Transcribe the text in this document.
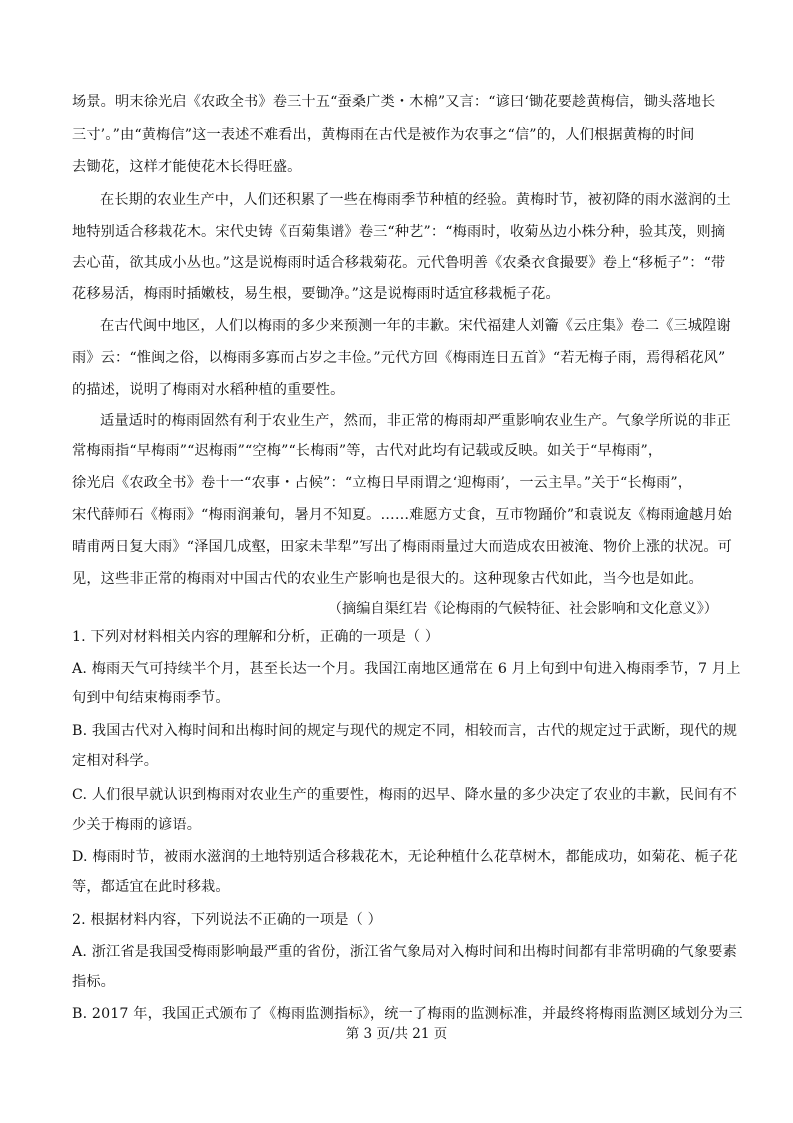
场景。明末徐光启《农政全书》卷三十五“蚕桑广类・木棉”又言：“谚曰‘锄花要趁黄梅信，锄头落地长
三寸’。”由“黄梅信”这一表述不难看出，黄梅雨在古代是被作为农事之“信”的，人们根据黄梅的时间
去锄花，这样才能使花木长得旺盛。
在长期的农业生产中，人们还积累了一些在梅雨季节种植的经验。黄梅时节，被初降的雨水滋润的土
地特别适合移栽花木。宋代史铸《百菊集谱》卷三“种艺”：“梅雨时，收菊丛边小株分种，验其茂，则摘
去心苗，欲其成小丛也。”这是说梅雨时适合移栽菊花。元代鲁明善《农桑衣食撮要》卷上“移栀子”：“带
花移易活，梅雨时插嫩枝，易生根，要锄净。”这是说梅雨时适宜移栽栀子花。
在古代闽中地区，人们以梅雨的多少来预测一年的丰歉。宋代福建人刘籥《云庄集》卷二《三城隍谢
雨》云：“惟闽之俗，以梅雨多寡而占岁之丰俭。”元代方回《梅雨连日五首》“若无梅子雨，焉得稻花风”
的描述，说明了梅雨对水稻种植的重要性。
适量适时的梅雨固然有利于农业生产，然而，非正常的梅雨却严重影响农业生产。气象学所说的非正
常梅雨指“早梅雨”“迟梅雨”“空梅”“长梅雨”等，古代对此均有记载或反映。如关于“早梅雨”，
徐光启《农政全书》卷十一“农事・占候”：“立梅日早雨谓之‘迎梅雨’，一云主旱。”关于“长梅雨”，
宋代薛师石《梅雨》“梅雨润兼旬，暑月不知夏。……难愿方丈食，互市物踊价”和袁说友《梅雨逾越月始
晴甫两日复大雨》“泽国几成壑，田家未羋犁”写出了梅雨雨量过大而造成农田被淹、物价上涨的状况。可
见，这些非正常的梅雨对中国古代的农业生产影响也是很大的。这种现象古代如此，当今也是如此。
（摘编自渠红岩《论梅雨的气候特征、社会影响和文化意义》）
1. 下列对材料相关内容的理解和分析，正确的一项是（ ）
A. 梅雨天气可持续半个月，甚至长达一个月。我国江南地区通常在 6 月上旬到中旬进入梅雨季节，7 月上
旬到中旬结束梅雨季节。
B. 我国古代对入梅时间和出梅时间的规定与现代的规定不同，相较而言，古代的规定过于武断，现代的规
定相对科学。
C. 人们很早就认识到梅雨对农业生产的重要性，梅雨的迟早、降水量的多少决定了农业的丰歉，民间有不
少关于梅雨的谚语。
D. 梅雨时节，被雨水滋润的土地特别适合移栽花木，无论种植什么花草树木，都能成功，如菊花、栀子花
等，都适宜在此时移栽。
2. 根据材料内容，下列说法不正确的一项是（ ）
A. 浙江省是我国受梅雨影响最严重的省份，浙江省气象局对入梅时间和出梅时间都有非常明确的气象要素
指标。
B. 2017 年，我国正式颁布了《梅雨监测指标》，统一了梅雨的监测标准，并最终将梅雨监测区域划分为三
第 3 页/共 21 页
